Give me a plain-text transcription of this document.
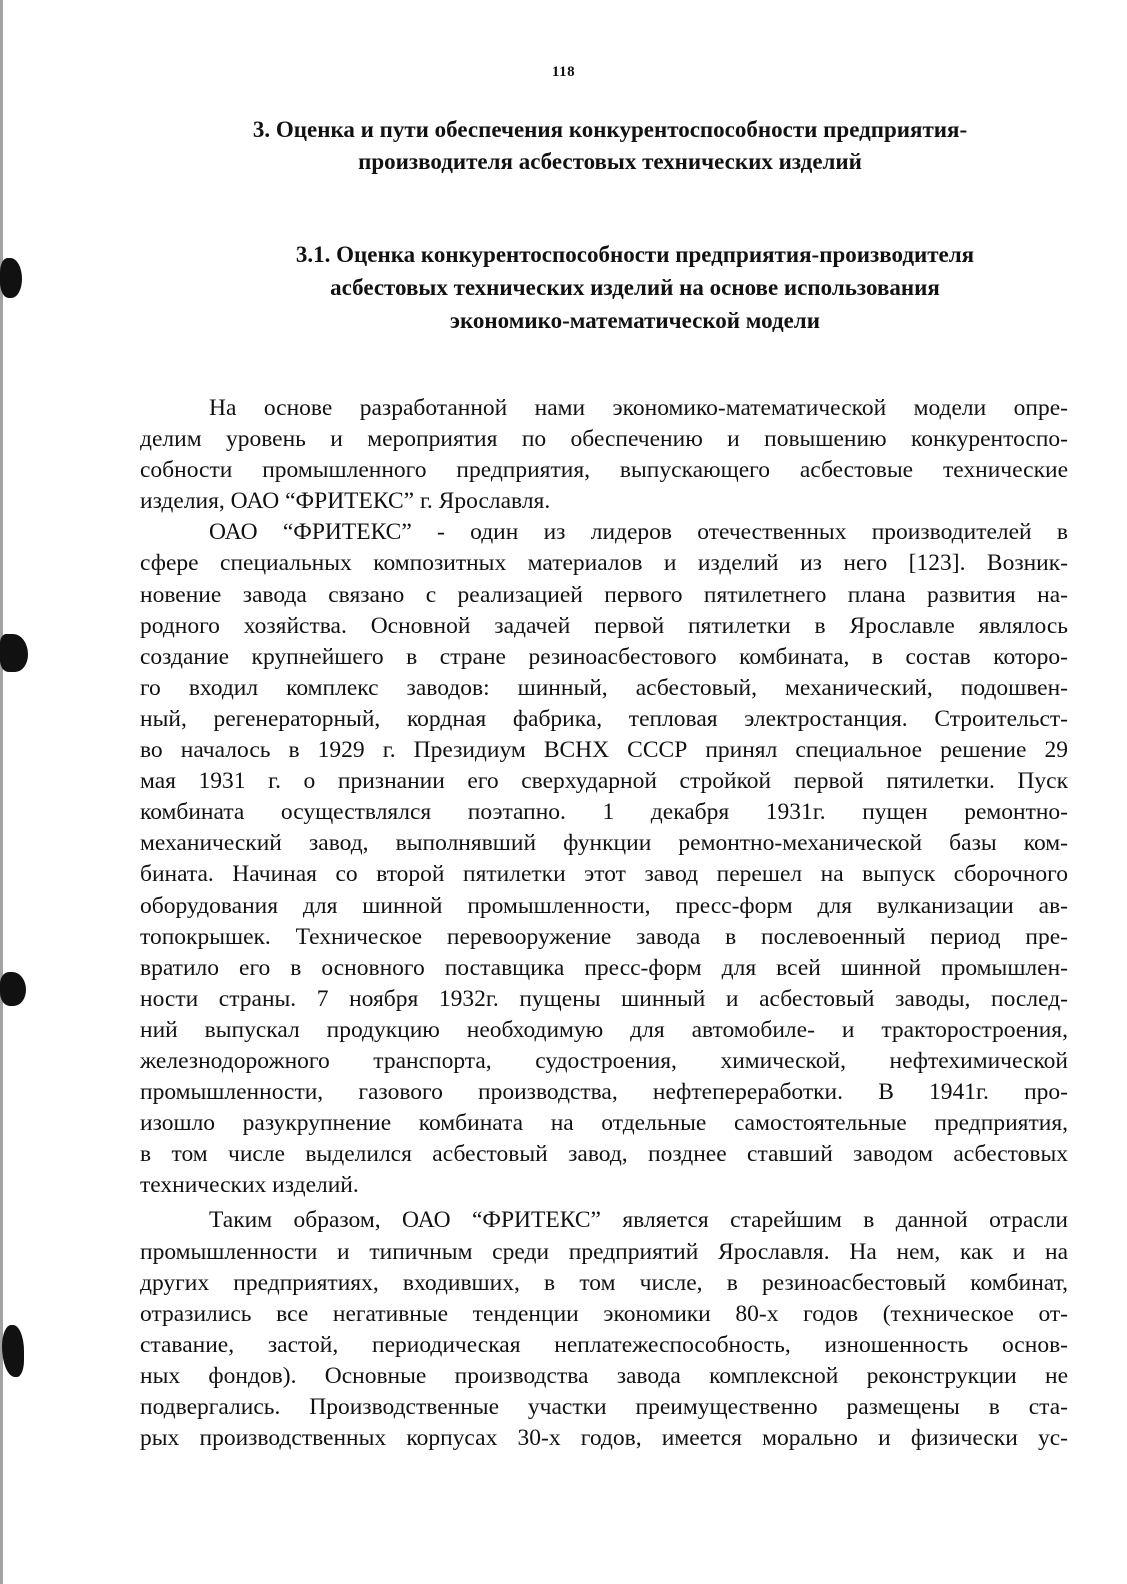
118
3. Оценка и пути обеспечения конкурентоспособности предприятия-
производителя асбестовых технических изделий
3.1. Оценка конкурентоспособности предприятия-производителя
асбестовых технических изделий на основе использования
экономико-математической модели

На основе разработанной нами экономико-математической модели опре-
делим уровень и мероприятия по обеспечению и повышению конкурентоспо-
собности промышленного предприятия, выпускающего асбестовые технические
изделия, ОАО “ФРИТЕКС” г. Ярославля.

ОАО “ФРИТЕКС” - один из лидеров отечественных производителей в
сфере специальных композитных материалов и изделий из него [123]. Возник-
новение завода связано с реализацией первого пятилетнего плана развития на-
родного хозяйства. Основной задачей первой пятилетки в Ярославле являлось
создание крупнейшего в стране резиноасбестового комбината, в состав которо-
го входил комплекс заводов: шинный, асбестовый, механический, подошвен-
ный, регенераторный, кордная фабрика, тепловая электростанция. Строительст-
во началось в 1929 г. Президиум ВСНХ СССР принял специальное решение 29
мая 1931 г. о признании его сверхударной стройкой первой пятилетки. Пуск
комбината осуществлялся поэтапно. 1 декабря 1931г. пущен ремонтно-
механический завод, выполнявший функции ремонтно-механической базы ком-
бината. Начиная со второй пятилетки этот завод перешел на выпуск сборочного
оборудования для шинной промышленности, пресс-форм для вулканизации ав-
топокрышек. Техническое перевооружение завода в послевоенный период пре-
вратило его в основного поставщика пресс-форм для всей шинной промышлен-
ности страны. 7 ноября 1932г. пущены шинный и асбестовый заводы, послед-
ний выпускал продукцию необходимую для автомобиле- и тракторостроения,
железнодорожного транспорта, судостроения, химической, нефтехимической
промышленности, газового производства, нефтепереработки. В 1941г. про-
изошло разукрупнение комбината на отдельные самостоятельные предприятия,
в том числе выделился асбестовый завод, позднее ставший заводом асбестовых
технических изделий.

Таким образом, ОАО “ФРИТЕКС” является старейшим в данной отрасли
промышленности и типичным среди предприятий Ярославля. На нем, как и на
других предприятиях, входивших, в том числе, в резиноасбестовый комбинат,
отразились все негативные тенденции экономики 80-х годов (техническое от-
ставание, застой, периодическая неплатежеспособность, изношенность основ-
ных фондов). Основные производства завода комплексной реконструкции не
подвергались. Производственные участки преимущественно размещены в ста-
рых производственных корпусах 30-х годов, имеется морально и физически ус-
